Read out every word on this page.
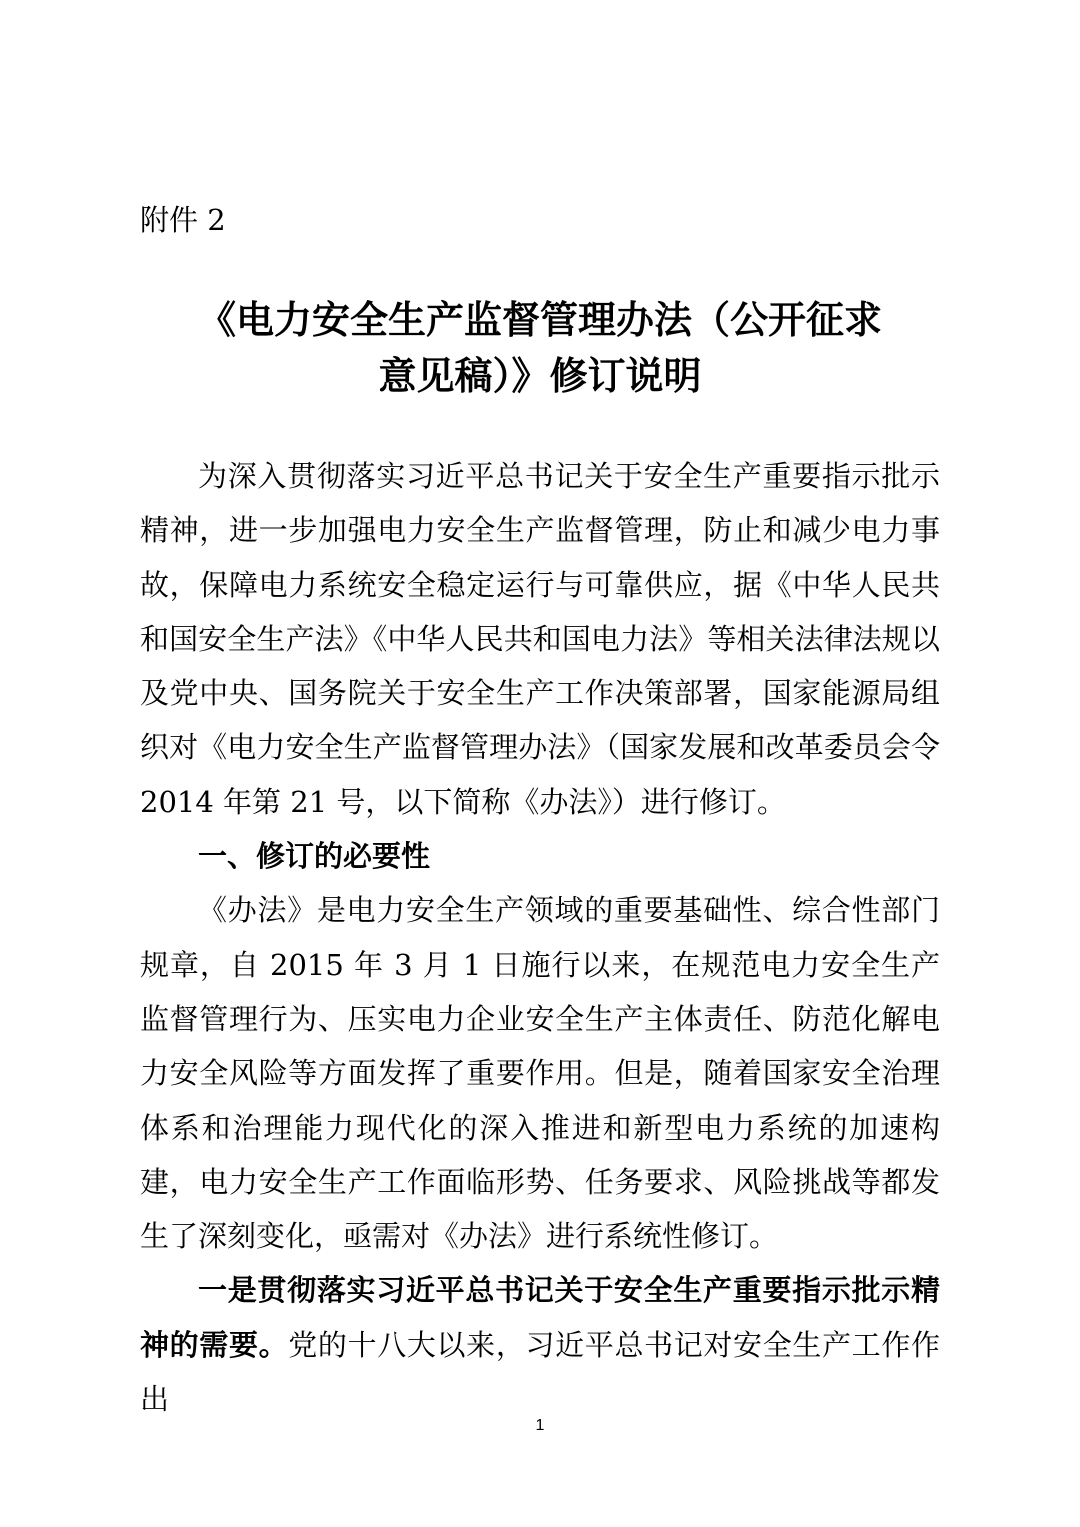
附件 2
《电力安全生产监督管理办法（公开征求
意见稿）》修订说明

为深入贯彻落实习近平总书记关于安全生产重要指示批示精神，进一步加强电力安全生产监督管理，防止和减少电力事故，保障电力系统安全稳定运行与可靠供应，据《中华人民共和国安全生产法》《中华人民共和国电力法》等相关法律法规以及党中央、国务院关于安全生产工作决策部署，国家能源局组织对《电力安全生产监督管理办法》（国家发展和改革委员会令 2014 年第 21 号，以下简称《办法》）进行修订。

一、修订的必要性

《办法》是电力安全生产领域的重要基础性、综合性部门规章，自 2015 年 3 月 1 日施行以来，在规范电力安全生产监督管理行为、压实电力企业安全生产主体责任、防范化解电力安全风险等方面发挥了重要作用。但是，随着国家安全治理体系和治理能力现代化的深入推进和新型电力系统的加速构建，电力安全生产工作面临形势、任务要求、风险挑战等都发生了深刻变化，亟需对《办法》进行系统性修订。

一是贯彻落实习近平总书记关于安全生产重要指示批示精神的需要。党的十八大以来，习近平总书记对安全生产工作作出

1
